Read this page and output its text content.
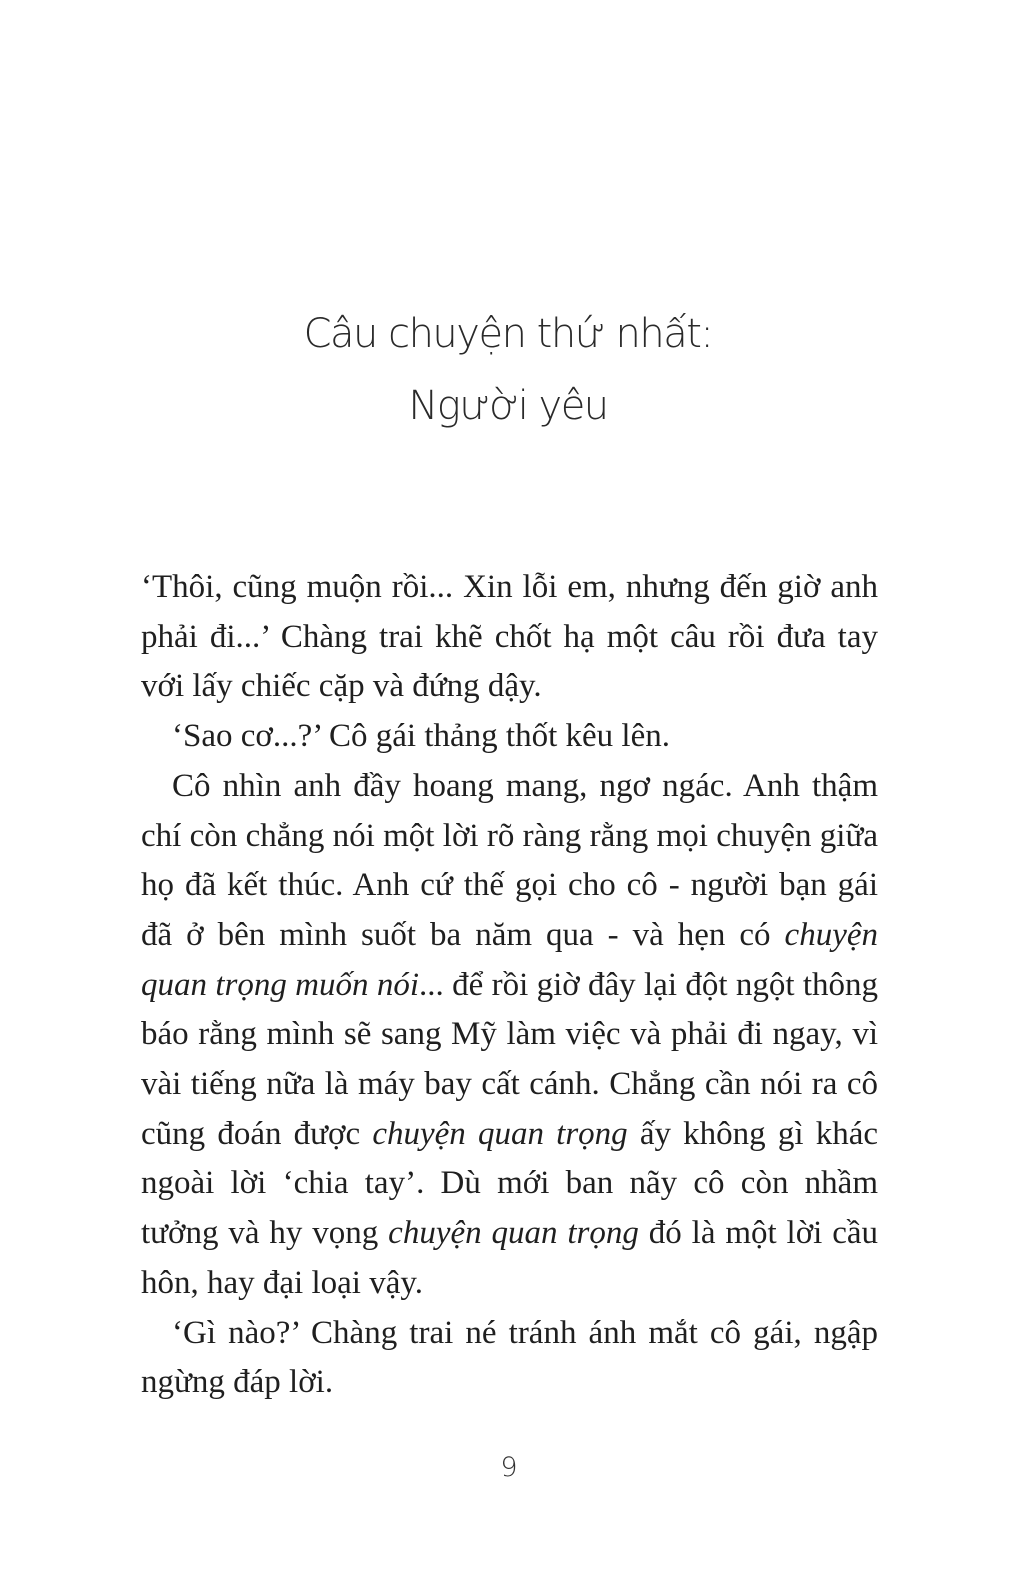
Câu chuyện thứ nhất:
Người yêu

‘Thôi, cũng muộn rồi... Xin lỗi em, nhưng đến giờ anh phải đi...’ Chàng trai khẽ chốt hạ một câu rồi đưa tay với lấy chiếc cặp và đứng dậy.

‘Sao cơ...?’ Cô gái thảng thốt kêu lên.

Cô nhìn anh đầy hoang mang, ngơ ngác. Anh thậm chí còn chẳng nói một lời rõ ràng rằng mọi chuyện giữa họ đã kết thúc. Anh cứ thế gọi cho cô - người bạn gái đã ở bên mình suốt ba năm qua - và hẹn có chuyện quan trọng muốn nói... để rồi giờ đây lại đột ngột thông báo rằng mình sẽ sang Mỹ làm việc và phải đi ngay, vì vài tiếng nữa là máy bay cất cánh. Chẳng cần nói ra cô cũng đoán được chuyện quan trọng ấy không gì khác ngoài lời ‘chia tay’. Dù mới ban nãy cô còn nhầm tưởng và hy vọng chuyện quan trọng đó là một lời cầu hôn, hay đại loại vậy.

‘Gì nào?’ Chàng trai né tránh ánh mắt cô gái, ngập ngừng đáp lời.

9
